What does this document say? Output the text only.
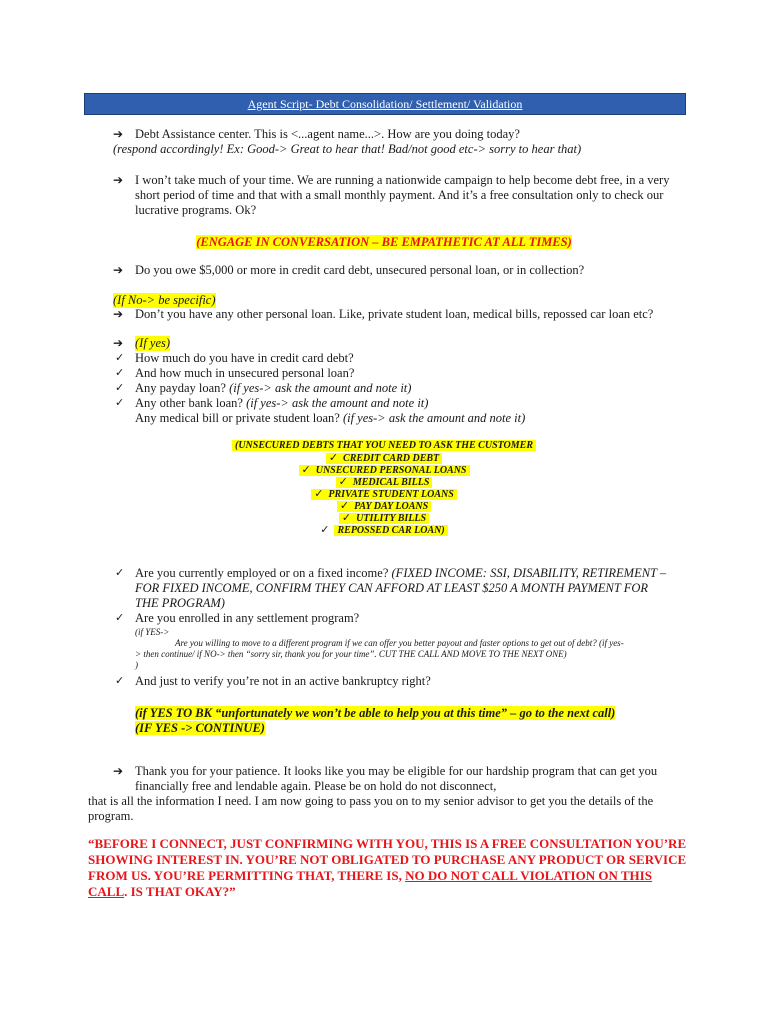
Agent Script- Debt Consolidation/ Settlement/ Validation
➔ Debt Assistance center. This is <...agent name...>. How are you doing today?
(respond accordingly! Ex: Good-> Great to hear that! Bad/not good etc-> sorry to hear that)
➔ I won’t take much of your time. We are running a nationwide campaign to help become debt free, in a very
short period of time and that with a small monthly payment. And it’s a free consultation only to check our
lucrative programs. Ok?
(ENGAGE IN CONVERSATION – BE EMPATHETIC AT ALL TIMES)
➔ Do you owe $5,000 or more in credit card debt, unsecured personal loan, or in collection?
(If No-> be specific)
➔ Don’t you have any other personal loan. Like, private student loan, medical bills, repossed car loan etc?
➔ (If yes)
✓ How much do you have in credit card debt?
✓ And how much in unsecured personal loan?
✓ Any payday loan? (if yes-> ask the amount and note it)
✓ Any other bank loan? (if yes-> ask the amount and note it)
Any medical bill or private student loan? (if yes-> ask the amount and note it)
(UNSECURED DEBTS THAT YOU NEED TO ASK THE CUSTOMER
✓ CREDIT CARD DEBT
✓ UNSECURED PERSONAL LOANS
✓ MEDICAL BILLS
✓ PRIVATE STUDENT LOANS
✓ PAY DAY LOANS
✓ UTILITY BILLS
✓ REPOSSED CAR LOAN)
✓ Are you currently employed or on a fixed income? (FIXED INCOME: SSI, DISABILITY, RETIREMENT –
FOR FIXED INCOME, CONFIRM THEY CAN AFFORD AT LEAST $250 A MONTH PAYMENT FOR
THE PROGRAM)
✓ Are you enrolled in any settlement program?
(if YES->
Are you willing to move to a different program if we can offer you better payout and faster options to get out of debt? (if yes-
> then continue/ if NO-> then “sorry sir, thank you for your time”. CUT THE CALL AND MOVE TO THE NEXT ONE)
)
✓ And just to verify you’re not in an active bankruptcy right?
(if YES TO BK “unfortunately we won’t be able to help you at this time” – go to the next call)
(IF YES -> CONTINUE)
➔ Thank you for your patience. It looks like you may be eligible for our hardship program that can get you
financially free and lendable again. Please be on hold do not disconnect,
that is all the information I need. I am now going to pass you on to my senior advisor to get you the details of the
program.
“BEFORE I CONNECT, JUST CONFIRMING WITH YOU, THIS IS A FREE CONSULTATION YOU’RE
SHOWING INTEREST IN. YOU’RE NOT OBLIGATED TO PURCHASE ANY PRODUCT OR SERVICE
FROM US. YOU’RE PERMITTING THAT, THERE IS, NO DO NOT CALL VIOLATION ON THIS
CALL. IS THAT OKAY?”
